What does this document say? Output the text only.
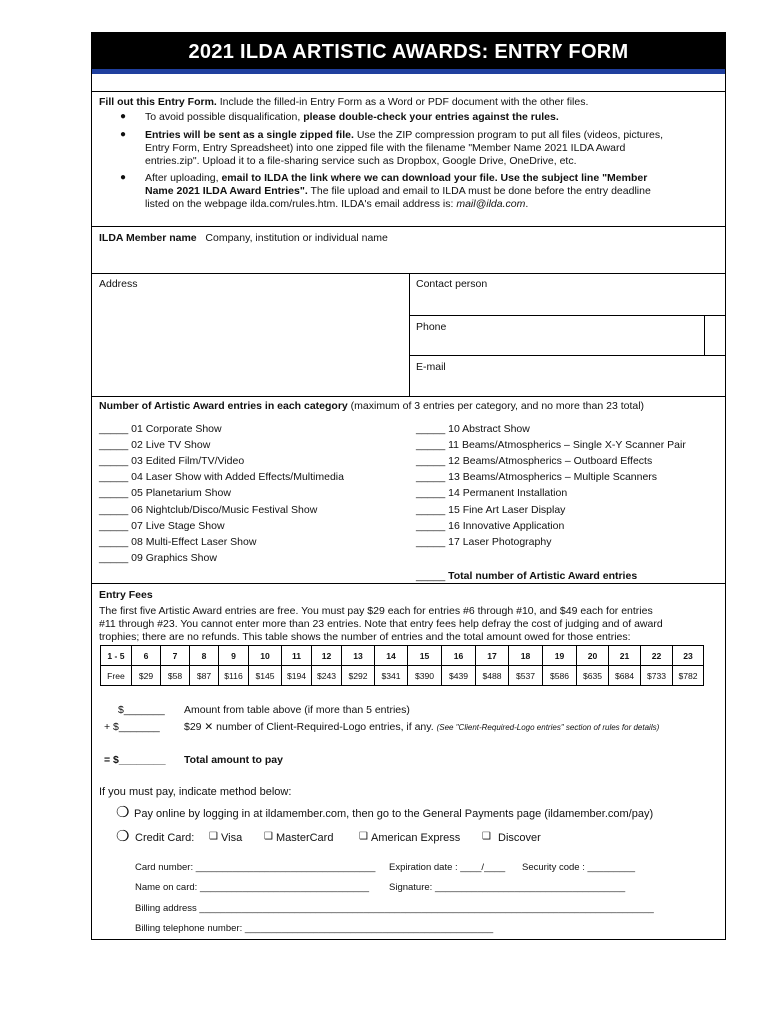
2021 ILDA ARTISTIC AWARDS: ENTRY FORM
Fill out this Entry Form. Include the filled-in Entry Form as a Word or PDF document with the other files.
● To avoid possible disqualification, please double-check your entries against the rules.
● Entries will be sent as a single zipped file. Use the ZIP compression program to put all files (videos, pictures,
Entry Form, Entry Spreadsheet) into one zipped file with the filename "Member Name 2021 ILDA Award
entries.zip". Upload it to a file-sharing service such as Dropbox, Google Drive, OneDrive, etc.
● After uploading, email to ILDA the link where we can download your file. Use the subject line "Member
Name 2021 ILDA Award Entries". The file upload and email to ILDA must be done before the entry deadline
listed on the webpage ilda.com/rules.htm. ILDA's email address is: mail@ilda.com.
ILDA Member name Company, institution or individual name
Address	Contact person
Phone
E-mail
Number of Artistic Award entries in each category (maximum of 3 entries per category, and no more than 23 total)
_____ 01 Corporate Show
_____ 02 Live TV Show
_____ 03 Edited Film/TV/Video
_____ 04 Laser Show with Added Effects/Multimedia
_____ 05 Planetarium Show
_____ 06 Nightclub/Disco/Music Festival Show
_____ 07 Live Stage Show
_____ 08 Multi-Effect Laser Show
_____ 09 Graphics Show
_____ 10 Abstract Show
_____ 11 Beams/Atmospherics – Single X-Y Scanner Pair
_____ 12 Beams/Atmospherics – Outboard Effects
_____ 13 Beams/Atmospherics – Multiple Scanners
_____ 14 Permanent Installation
_____ 15 Fine Art Laser Display
_____ 16 Innovative Application
_____ 17 Laser Photography
_____ Total number of Artistic Award entries
Entry Fees
The first five Artistic Award entries are free. You must pay $29 each for entries #6 through #10, and $49 each for entries
#11 through #23. You cannot enter more than 23 entries. Note that entry fees help defray the cost of judging and of award
trophies; there are no refunds. This table shows the number of entries and the total amount owed for those entries:
1 - 5	6	7	8	9	10	11	12	13	14	15	16	17	18	19	20	21	22	23
Free	$29	$58	$87	$116	$145	$194	$243	$292	$341	$390	$439	$488	$537	$586	$635	$684	$733	$782
$_______ Amount from table above (if more than 5 entries)
+ $_______ $29 ✕ number of Client-Required-Logo entries, if any. (See "Client-Required-Logo entries" section of rules for details)
= $________ Total amount to pay
If you must pay, indicate method below:
❍ Pay online by logging in at ildamember.com, then go to the General Payments page (ildamember.com/pay)
❍ Credit Card: ❑ Visa ❑ MasterCard	❑ American Express ❑ Discover
Card number: __________________________________ Expiration date : ____/____ Security code : _________
Name on card: ________________________________ Signature: ____________________________________
Billing address ______________________________________________________________________________________
Billing telephone number: _______________________________________________
